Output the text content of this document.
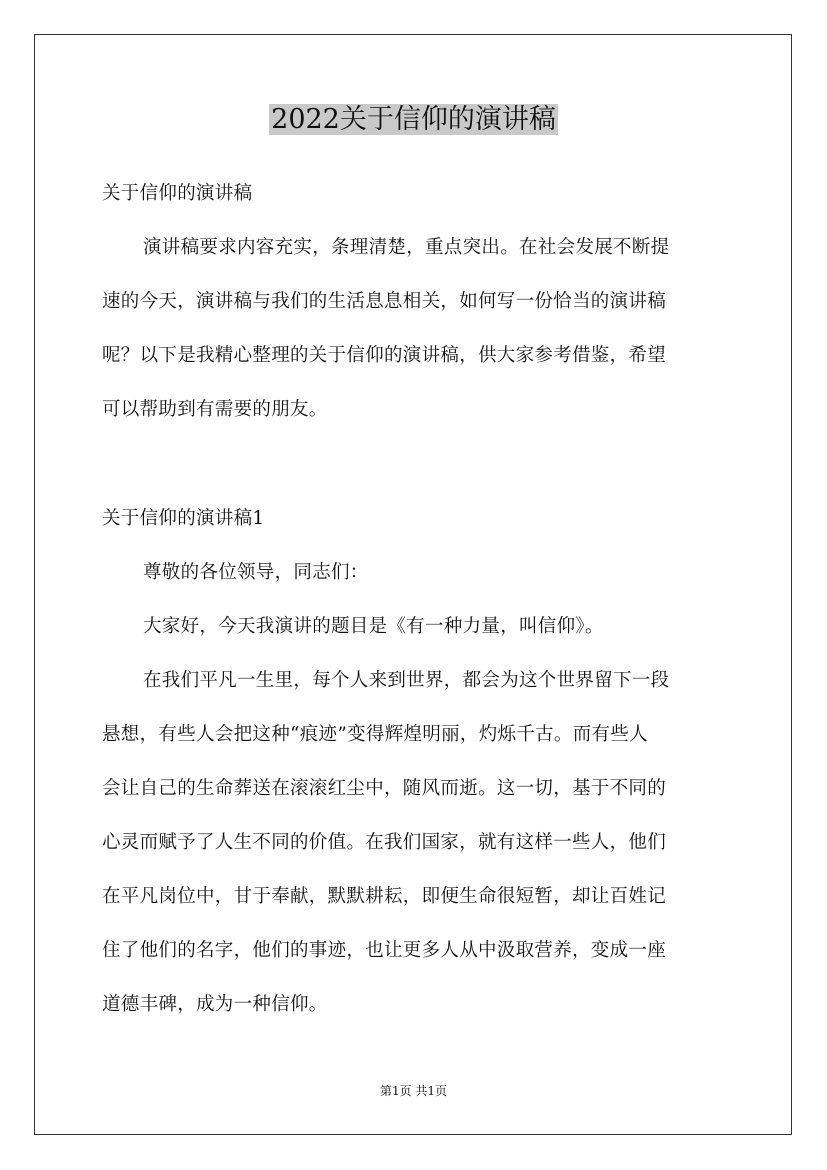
2022关于信仰的演讲稿
关于信仰的演讲稿
演讲稿要求内容充实，条理清楚，重点突出。在社会发展不断提
速的今天，演讲稿与我们的生活息息相关，如何写一份恰当的演讲稿
呢？以下是我精心整理的关于信仰的演讲稿，供大家参考借鉴，希望
可以帮助到有需要的朋友。
关于信仰的演讲稿1
尊敬的各位领导，同志们：
大家好，今天我演讲的题目是《有一种力量，叫信仰》。
在我们平凡一生里，每个人来到世界，都会为这个世界留下一段
悬想，有些人会把这种“痕迹”变得辉煌明丽，灼烁千古。而有些人
会让自己的生命葬送在滚滚红尘中，随风而逝。这一切，基于不同的
心灵而赋予了人生不同的价值。在我们国家，就有这样一些人，他们
在平凡岗位中，甘于奉献，默默耕耘，即便生命很短暂，却让百姓记
住了他们的名字，他们的事迹，也让更多人从中汲取营养，变成一座
道德丰碑，成为一种信仰。
第1页 共1页
